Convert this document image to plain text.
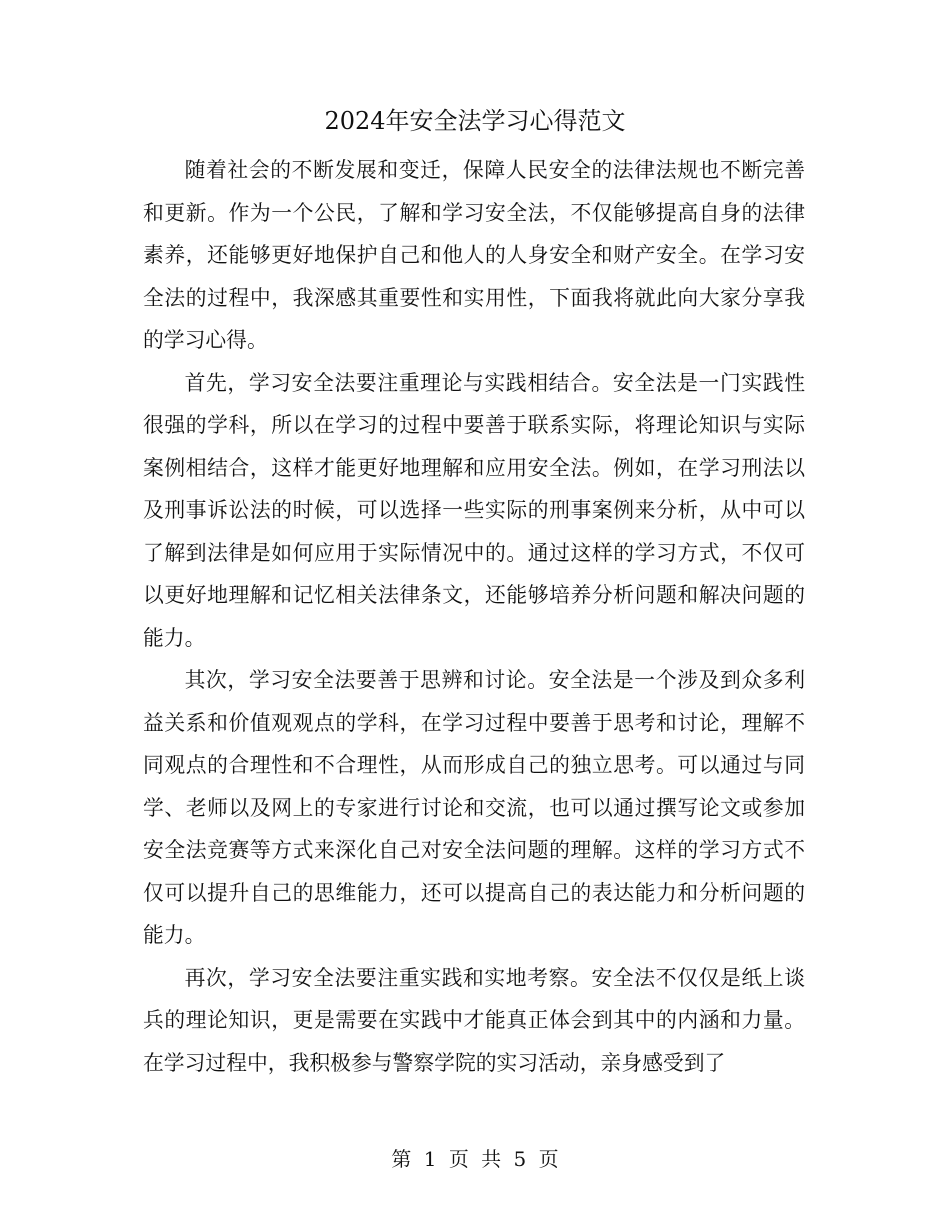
2024年安全法学习心得范文

随着社会的不断发展和变迁，保障人民安全的法律法规也不断完善和更新。作为一个公民，了解和学习安全法，不仅能够提高自身的法律素养，还能够更好地保护自己和他人的人身安全和财产安全。在学习安全法的过程中，我深感其重要性和实用性，下面我将就此向大家分享我的学习心得。

首先，学习安全法要注重理论与实践相结合。安全法是一门实践性很强的学科，所以在学习的过程中要善于联系实际，将理论知识与实际案例相结合，这样才能更好地理解和应用安全法。例如，在学习刑法以及刑事诉讼法的时候，可以选择一些实际的刑事案例来分析，从中可以了解到法律是如何应用于实际情况中的。通过这样的学习方式，不仅可以更好地理解和记忆相关法律条文，还能够培养分析问题和解决问题的能力。

其次，学习安全法要善于思辨和讨论。安全法是一个涉及到众多利益关系和价值观观点的学科，在学习过程中要善于思考和讨论，理解不同观点的合理性和不合理性，从而形成自己的独立思考。可以通过与同学、老师以及网上的专家进行讨论和交流，也可以通过撰写论文或参加安全法竞赛等方式来深化自己对安全法问题的理解。这样的学习方式不仅可以提升自己的思维能力，还可以提高自己的表达能力和分析问题的能力。

再次，学习安全法要注重实践和实地考察。安全法不仅仅是纸上谈兵的理论知识，更是需要在实践中才能真正体会到其中的内涵和力量。在学习过程中，我积极参与警察学院的实习活动，亲身感受到了

第 1 页 共 5 页
